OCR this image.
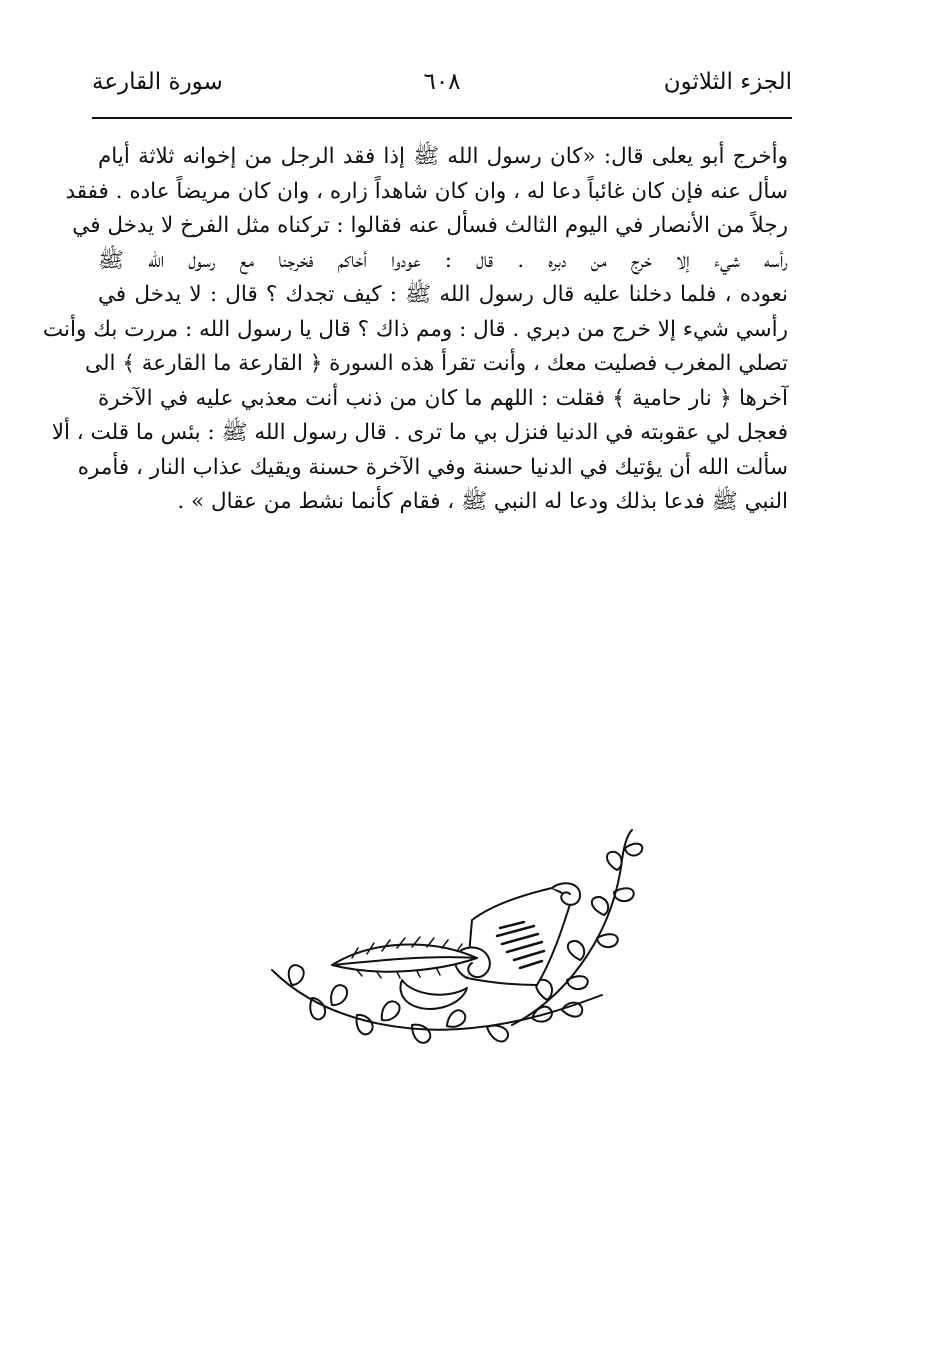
الجزء الثلاثون
٦٠٨
سورة القارعة
وأخرج أبو يعلى قال: «كان رسول الله ﷺ إذا فقد الرجل من إخوانه ثلاثة أيام
سأل عنه فإن كان غائباً دعا له ، وان كان شاهداً زاره ، وان كان مريضاً عاده . ففقد
رجلاً من الأنصار في اليوم الثالث فسأل عنه فقالوا : تركناه مثل الفرخ لا يدخل في
رأسه شيء إلا خرج من دبره . قال : عودوا أخاكم فخرجنا مع رسول الله ﷺ
نعوده ، فلما دخلنا عليه قال رسول الله ﷺ : كيف تجدك ؟ قال : لا يدخل في
رأسي شيء إلا خرج من دبري . قال : ومم ذاك ؟ قال يا رسول الله : مررت بك وأنت
تصلي المغرب فصليت معك ، وأنت تقرأ هذه السورة ﴿ القارعة ما القارعة ﴾ الى
آخرها ﴿ نار حامية ﴾ فقلت : اللهم ما كان من ذنب أنت معذبي عليه في الآخرة
فعجل لي عقوبته في الدنيا فنزل بي ما ترى . قال رسول الله ﷺ : بئس ما قلت ، ألا
سألت الله أن يؤتيك في الدنيا حسنة وفي الآخرة حسنة ويقيك عذاب النار ، فأمره
النبي ﷺ فدعا بذلك ودعا له النبي ﷺ ، فقام كأنما نشط من عقال » .
